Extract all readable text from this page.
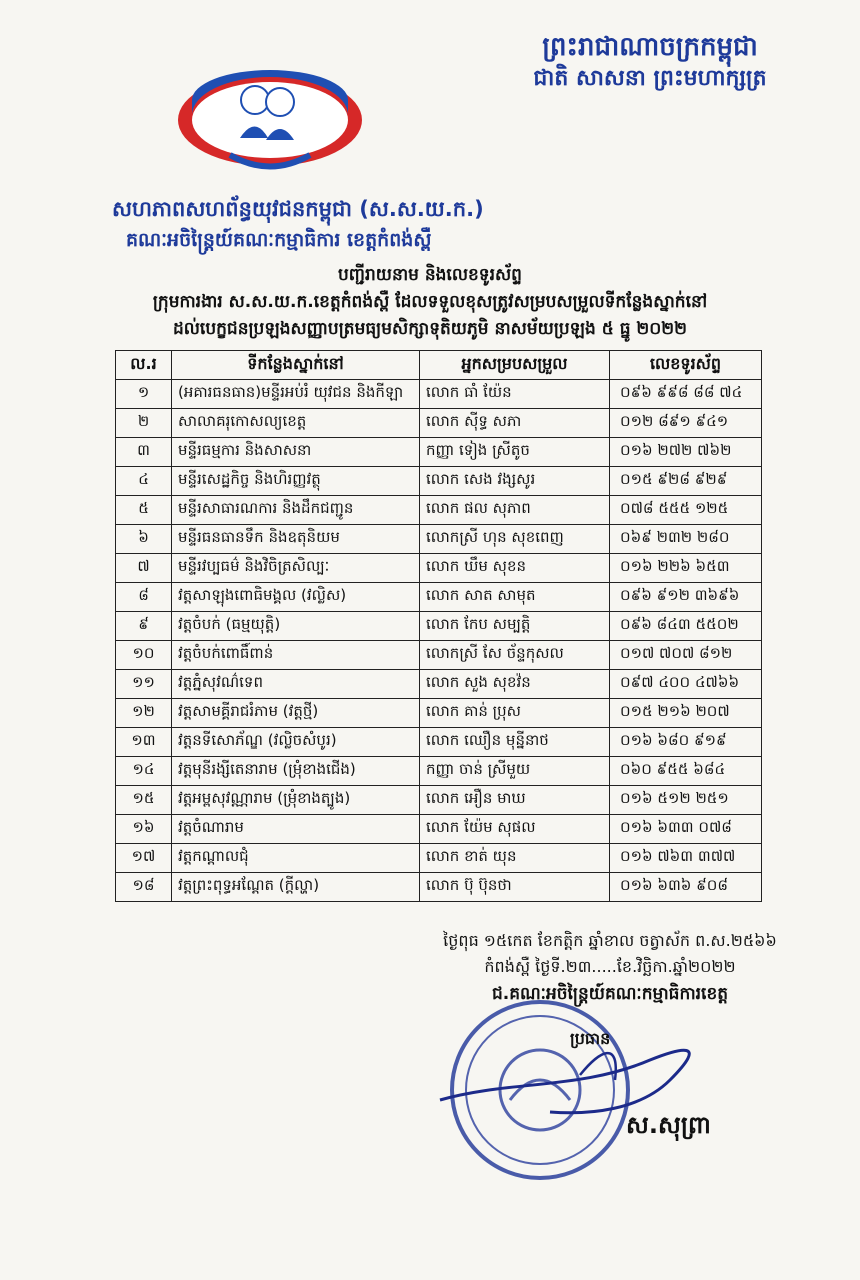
ព្រះរាជាណាចក្រកម្ពុជា
ជាតិ សាសនា ព្រះមហាក្សត្រ
សហភាពសហព័ន្ធយុវជនកម្ពុជា (ស.ស.យ.ក.)
គណៈអចិន្ត្រៃយ៍គណៈកម្មាធិការ ខេត្តកំពង់ស្ពឺ
បញ្ជីរាយនាម និងលេខទូរស័ព្ទ
ក្រុមការងារ ស.ស.យ.ក.ខេត្តកំពង់ស្ពឺ ដែលទទួលខុសត្រូវសម្របសម្រួលទីកន្លែងស្នាក់នៅ
ដល់បេក្ខជនប្រឡងសញ្ញាបត្រមធ្យមសិក្សាទុតិយភូមិ នាសម័យប្រឡង ៥ ធ្នូ ២០២២
ល.រ	ទីកន្លែងស្នាក់នៅ	អ្នកសម្របសម្រួល	លេខទូរស័ព្ទ
១	(អគារធនធាន)មន្ទីរអប់រំ យុវជន និងកីឡា	លោក ធាំ យ៉ែន	០៩៦ ៩៩៨ ៨៨ ៧៤
២	សាលាគរុកោសល្យខេត្ត	លោក ស៊ីទ្ធ សភា	០១២ ៨៩១ ៩៤១
៣	មន្ទីរធម្មការ និងសាសនា	កញ្ញា ទៀង ស្រីតូច	០១៦ ២៧២ ៧៦២
៤	មន្ទីរសេដ្ឋកិច្ច និងហិរញ្ញវត្ថុ	លោក សេង វង្សសូរ	០១៥ ៩២៨ ៩២៩
៥	មន្ទីរសាធារណការ និងដឹកជញ្ជូន	លោក ផល សុភាព	០៧៨ ៥៥៥ ១២៥
៦	មន្ទីរធនធានទឹក និងឧតុនិយម	លោកស្រី ហុន សុខពេញ	០៦៩ ២៣២ ២៨០
៧	មន្ទីរវប្បធម៌ និងវិចិត្រសិល្បៈ	លោក ឃឹម សុខន	០១៦ ២២៦ ៦៥៣
៨	វត្តសាឡុងពោធិមង្គល (វល្លិស)	លោក សាត សាមុត	០៩៦ ៩១២ ៣៦៩៦
៩	វត្តចំបក់ (ធម្មយុត្តិ)	លោក កែប សម្បត្តិ	០៩៦ ៨៤៣ ៥៥០២
១០	វត្តចំបក់ពោធិ៍ពាន់	លោកស្រី សែ ច័ន្ទកុសល	០១៧ ៧០៧ ៨១២
១១	វត្តភ្នំសុវណ៌ទេព	លោក សួង សុខវ៉ន	០៩៧ ៤០០ ៤៧៦៦
១២	វត្តសាមគ្គីរាជរំភាម (វត្តថ្មី)	លោក គាន់ ប្រុស	០១៥ ២១៦ ២០៧
១៣	វត្តនទីសោភ័ណ្ឌ (វល្លិចសំបូរ)	លោក ឈឿន មុន្នីនាថ	០១៦ ៦៨០ ៩១៩
១៤	វត្តមុនីរង្សីតេនារាម (ម្រុំខាងជើង)	កញ្ញា ចាន់ ស្រីមួយ	០៦០ ៩៥៥ ៦៨៤
១៥	វត្តអម្ពសុវណ្ណារាម (ម្រុំខាងត្បូង)	លោក អឿន មាឃ	០១៦ ៥១២ ២៥១
១៦	វត្តចំណារាម	លោក យ៉ែម សុផល	០១៦ ៦៣៣ ០៧៨
១៧	វត្តកណ្ដាលជុំ	លោក ខាត់ យុន	០១៦ ៧៦៣ ៣៧៧
១៨	វត្តព្រះពុទ្ធអណ្តែត (ក្តីល្ហា)	លោក ប៊ុ ប៊ុនថា	០១៦ ៦៣៦ ៩០៨
ថ្ងៃពុធ ១៥កេត ខែកត្តិក ឆ្នាំខាល ចត្វាស័ក ព.ស.២៥៦៦
កំពង់ស្ពឺ ថ្ងៃទី.២៣.....ខែ.វិច្ឆិកា.ឆ្នាំ២០២២
ជ.គណៈអចិន្ត្រៃយ៍គណៈកម្មាធិការខេត្ត
ប្រធាន
ស.សុព្រា
